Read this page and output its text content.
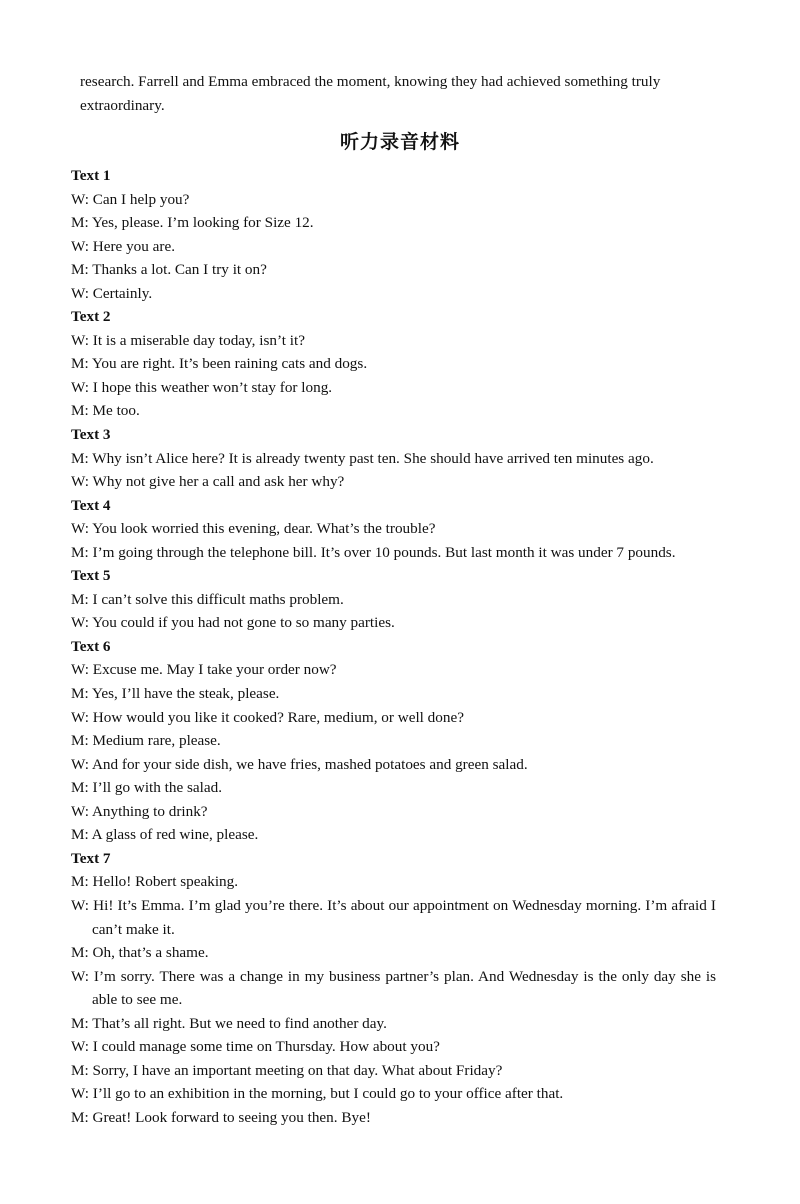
research. Farrell and Emma embraced the moment, knowing they had achieved something truly
extraordinary.
听力录音材料
Text 1
W: Can I help you?
M: Yes, please. I’m looking for Size 12.
W: Here you are.
M: Thanks a lot. Can I try it on?
W: Certainly.
Text 2
W: It is a miserable day today, isn’t it?
M: You are right. It’s been raining cats and dogs.
W: I hope this weather won’t stay for long.
M: Me too.
Text 3
M: Why isn’t Alice here? It is already twenty past ten. She should have arrived ten minutes ago.
W: Why not give her a call and ask her why?
Text 4
W: You look worried this evening, dear. What’s the trouble?
M: I’m going through the telephone bill. It’s over 10 pounds. But last month it was under 7 pounds.
Text 5
M: I can’t solve this difficult maths problem.
W: You could if you had not gone to so many parties.
Text 6
W: Excuse me. May I take your order now?
M: Yes, I’ll have the steak, please.
W: How would you like it cooked? Rare, medium, or well done?
M: Medium rare, please.
W: And for your side dish, we have fries, mashed potatoes and green salad.
M: I’ll go with the salad.
W: Anything to drink?
M: A glass of red wine, please.
Text 7
M: Hello! Robert speaking.
W: Hi! It’s Emma. I’m glad you’re there. It’s about our appointment on Wednesday morning. I’m afraid I can’t make it.
M: Oh, that’s a shame.
W: I’m sorry. There was a change in my business partner’s plan. And Wednesday is the only day she is able to see me.
M: That’s all right. But we need to find another day.
W: I could manage some time on Thursday. How about you?
M: Sorry, I have an important meeting on that day. What about Friday?
W: I’ll go to an exhibition in the morning, but I could go to your office after that.
M: Great! Look forward to seeing you then. Bye!
